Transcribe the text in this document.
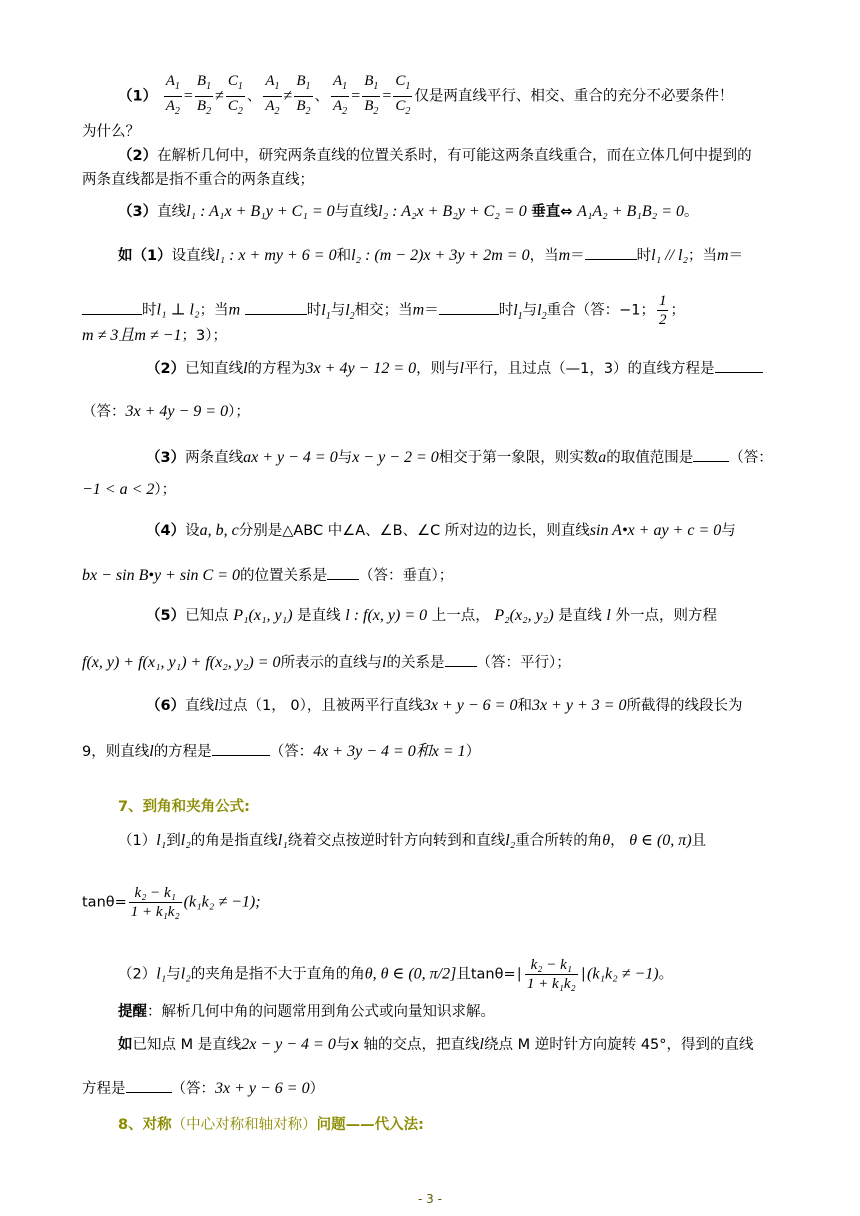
$(1) \frac{A_1}{A_2} = \frac{B_1}{B_2} \ne \frac{C_1}{C_2}$ 、 $\frac{A_1}{A_2} \ne \frac{B_1}{B_2}$ 、 $\frac{A_1}{A_2} = \frac{B_1}{B_2} = \frac{C_1}{C_2}$ 仅是两直线平行、相交、重合的充分不必要条件！
为什么？
（2）在解析几何中，研究两条直线的位置关系时，有可能这两条直线重合，而在立体几何中提到的
两条直线都是指不重合的两条直线；
（3）直线l₁ : A₁x + B₁y + C₁ = 0与直线l₂ : A₂x + B₂y + C₂ = 0 垂直⇔ A₁A₂ + B₁B₂ = 0。
如（1）设直线l₁ : x + my + 6 = 0和l₂ : (m − 2)x + 3y + 2m = 0，当m＝	时l₁ // l₂；当m＝
时l₁ ⊥ l₂；当m	时$l_1$与$l_2$相交；当m＝	时$l_1$与$l_2$重合（答：−1； $\frac{1}{2}$ ；
m ≠ 3且m ≠ −1；3）；
（2）已知直线l的方程为3x + 4y − 12 = 0，则与l平行，且过点（—1，3）的直线方程是
（答：3x + 4y − 9 = 0）；
（3）两条直线ax + y − 4 = 0与x − y − 2 = 0相交于第一象限，则实数a的取值范围是 （答：
−1 < a < 2）；
（4）设a, b, c分别是△ABC 中∠A、∠B、∠C 所对边的边长，则直线sin A•x + ay + c = 0与
bx − sin B•y + sin C = 0的位置关系是 （答：垂直）；
（5）已知点 P₁(x₁, y₁) 是直线 l : f(x, y) = 0 上一点， P₂(x₂, y₂) 是直线 l 外一点，则方程
f(x, y) + f(x₁, y₁) + f(x₂, y₂) = 0所表示的直线与l的关系是 （答：平行）；
（6）直线l过点（1， 0），且被两平行直线3x + y − 6 = 0和3x + y + 3 = 0所截得的线段长为
9，则直线l的方程是	（答：4x + 3y − 4 = 0和x = 1）
7、到角和夹角公式:
（1）l₁到l₂的角是指直线l₁绕着交点按逆时针方向转到和直线l₂重合所转的角θ， θ ∈ (0, π)且
$\tan\theta= \frac{\text{k₂ − k₁}}{\text{1 + k₁k₂}} (k_1k_2 \ne -1)$;
（2）l₁与l₂的夹角是指不大于直角的角θ, θ ∈ (0, π/2]且tanθ=∣ $\frac{\text{k₂ − k₁}}{\text{1 + k₁k₂}}$ ∣(k₁k₂ ≠ −1)。
提醒：解析几何中角的问题常用到角公式或向量知识求解。
如已知点 M 是直线2x − y − 4 = 0与x 轴的交点，把直线l绕点 M 逆时针方向旋转 45°，得到的直线
方程是	（答：3x + y − 6 = 0）
8、对称（中心对称和轴对称）问题——代入法:
- 3 -
